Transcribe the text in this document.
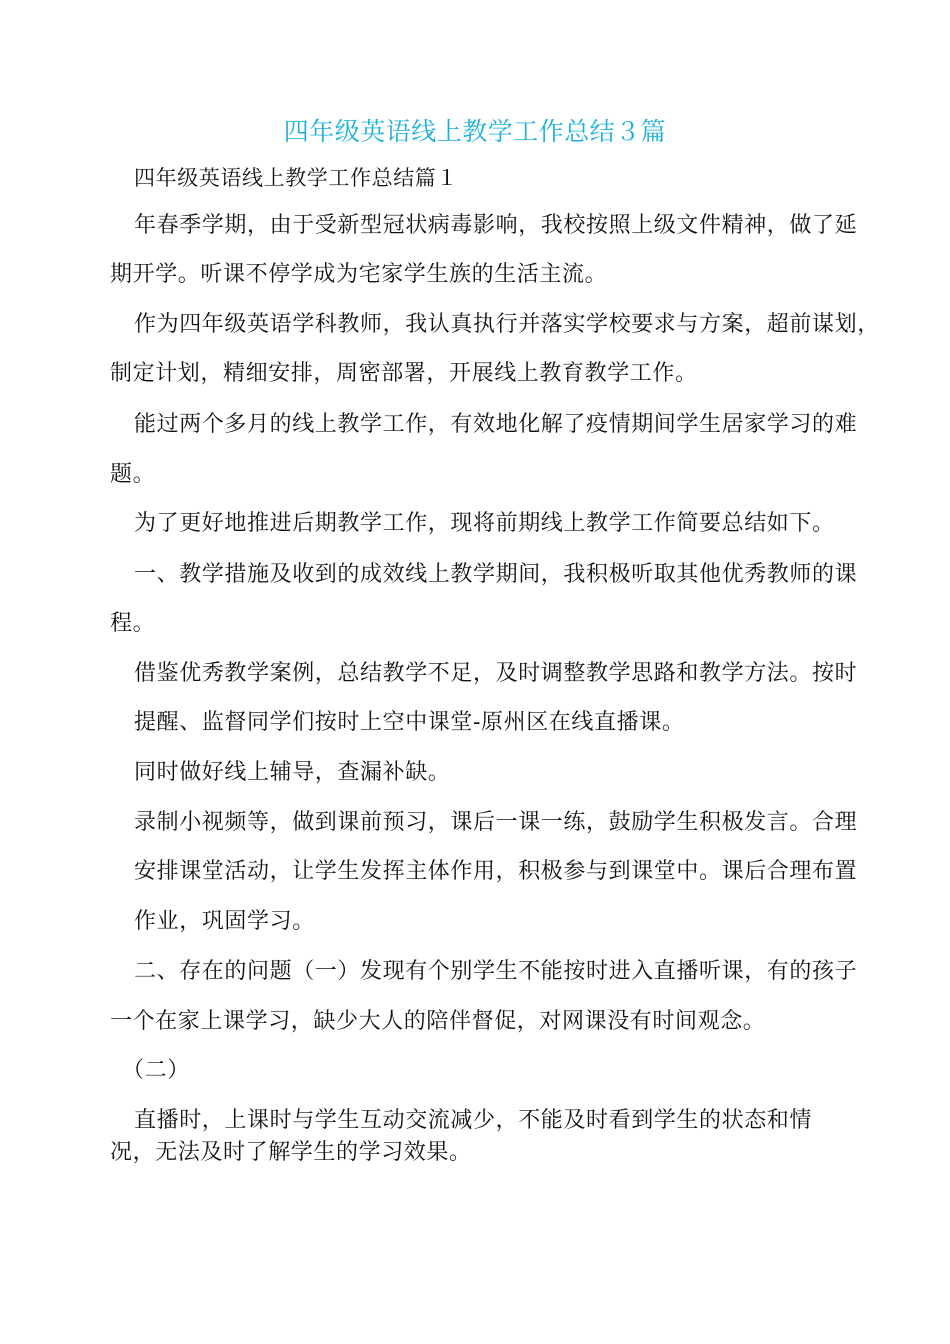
四年级英语线上教学工作总结３篇
四年级英语线上教学工作总结篇１
年春季学期，由于受新型冠状病毒影响，我校按照上级文件精神，做了延
期开学。听课不停学成为宅家学生族的生活主流。
作为四年级英语学科教师，我认真执行并落实学校要求与方案，超前谋划，
制定计划，精细安排，周密部署，开展线上教育教学工作。
能过两个多月的线上教学工作，有效地化解了疫情期间学生居家学习的难
题。
为了更好地推进后期教学工作，现将前期线上教学工作简要总结如下。
一、教学措施及收到的成效线上教学期间，我积极听取其他优秀教师的课
程。
借鉴优秀教学案例，总结教学不足，及时调整教学思路和教学方法。按时
提醒、监督同学们按时上空中课堂-原州区在线直播课。
同时做好线上辅导，查漏补缺。
录制小视频等，做到课前预习，课后一课一练，鼓励学生积极发言。合理
安排课堂活动，让学生发挥主体作用，积极参与到课堂中。课后合理布置
作业，巩固学习。
二、存在的问题（一）发现有个别学生不能按时进入直播听课，有的孩子
一个在家上课学习，缺少大人的陪伴督促，对网课没有时间观念。
（二）
直播时，上课时与学生互动交流减少，不能及时看到学生的状态和情
况，无法及时了解学生的学习效果。
